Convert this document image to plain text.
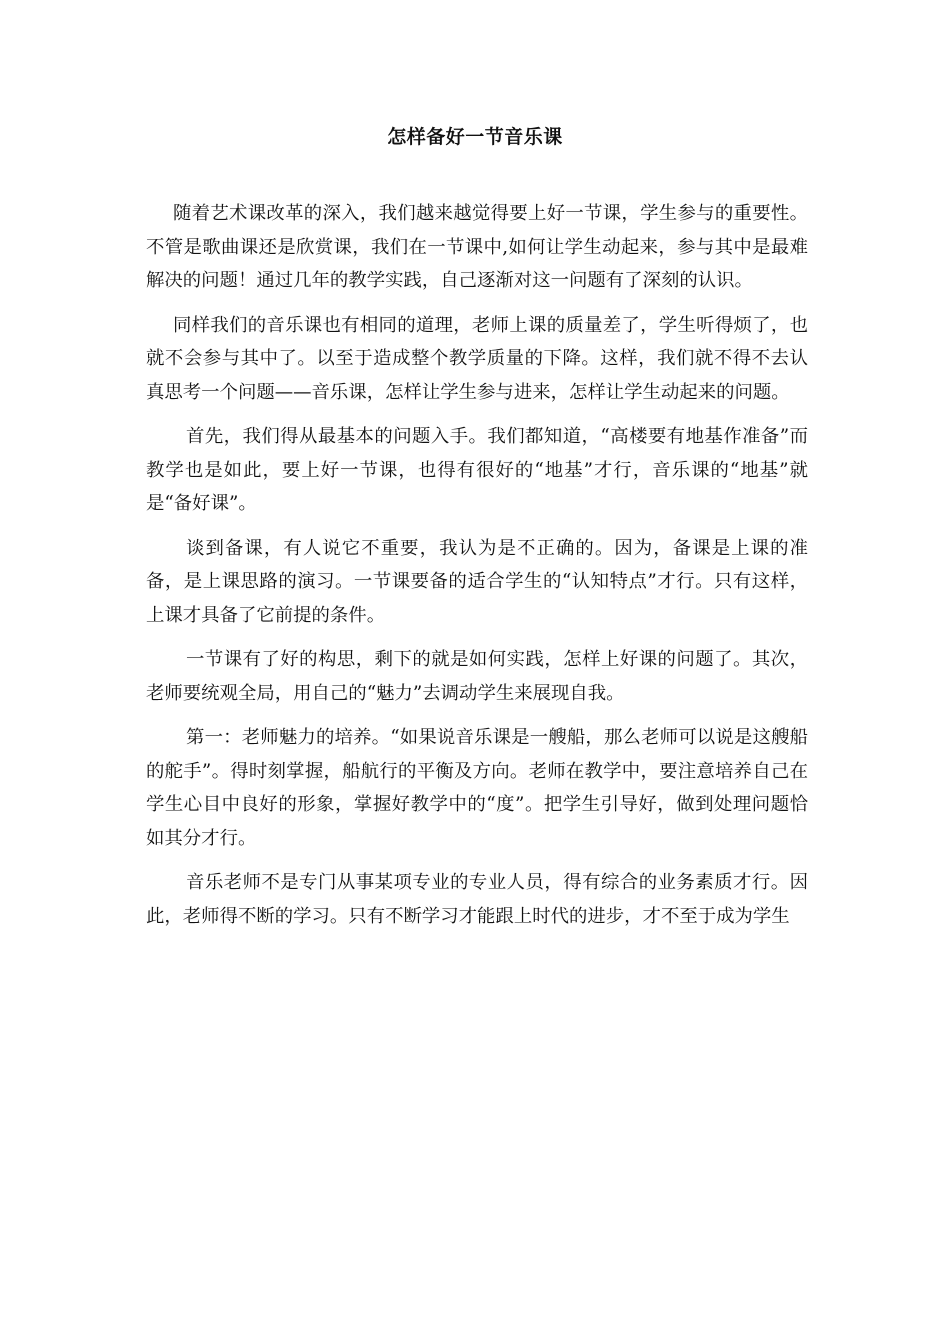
怎样备好一节音乐课

随着艺术课改革的深入，我们越来越觉得要上好一节课，学生参与的重要性。不管是歌曲课还是欣赏课，我们在一节课中,如何让学生动起来，参与其中是最难解决的问题！通过几年的教学实践，自己逐渐对这一问题有了深刻的认识。

同样我们的音乐课也有相同的道理，老师上课的质量差了，学生听得烦了，也就不会参与其中了。以至于造成整个教学质量的下降。这样，我们就不得不去认真思考一个问题——音乐课，怎样让学生参与进来，怎样让学生动起来的问题。

首先，我们得从最基本的问题入手。我们都知道，“高楼要有地基作准备”而教学也是如此，要上好一节课，也得有很好的“地基”才行，音乐课的“地基”就是“备好课”。

谈到备课，有人说它不重要，我认为是不正确的。因为，备课是上课的准备，是上课思路的演习。一节课要备的适合学生的“认知特点”才行。只有这样，上课才具备了它前提的条件。

一节课有了好的构思，剩下的就是如何实践，怎样上好课的问题了。其次，老师要统观全局，用自己的“魅力”去调动学生来展现自我。

第一：老师魅力的培养。“如果说音乐课是一艘船，那么老师可以说是这艘船的舵手”。得时刻掌握，船航行的平衡及方向。老师在教学中，要注意培养自己在学生心目中良好的形象，掌握好教学中的“度”。把学生引导好，做到处理问题恰如其分才行。

音乐老师不是专门从事某项专业的专业人员，得有综合的业务素质才行。因此，老师得不断的学习。只有不断学习才能跟上时代的进步，才不至于成为学生
